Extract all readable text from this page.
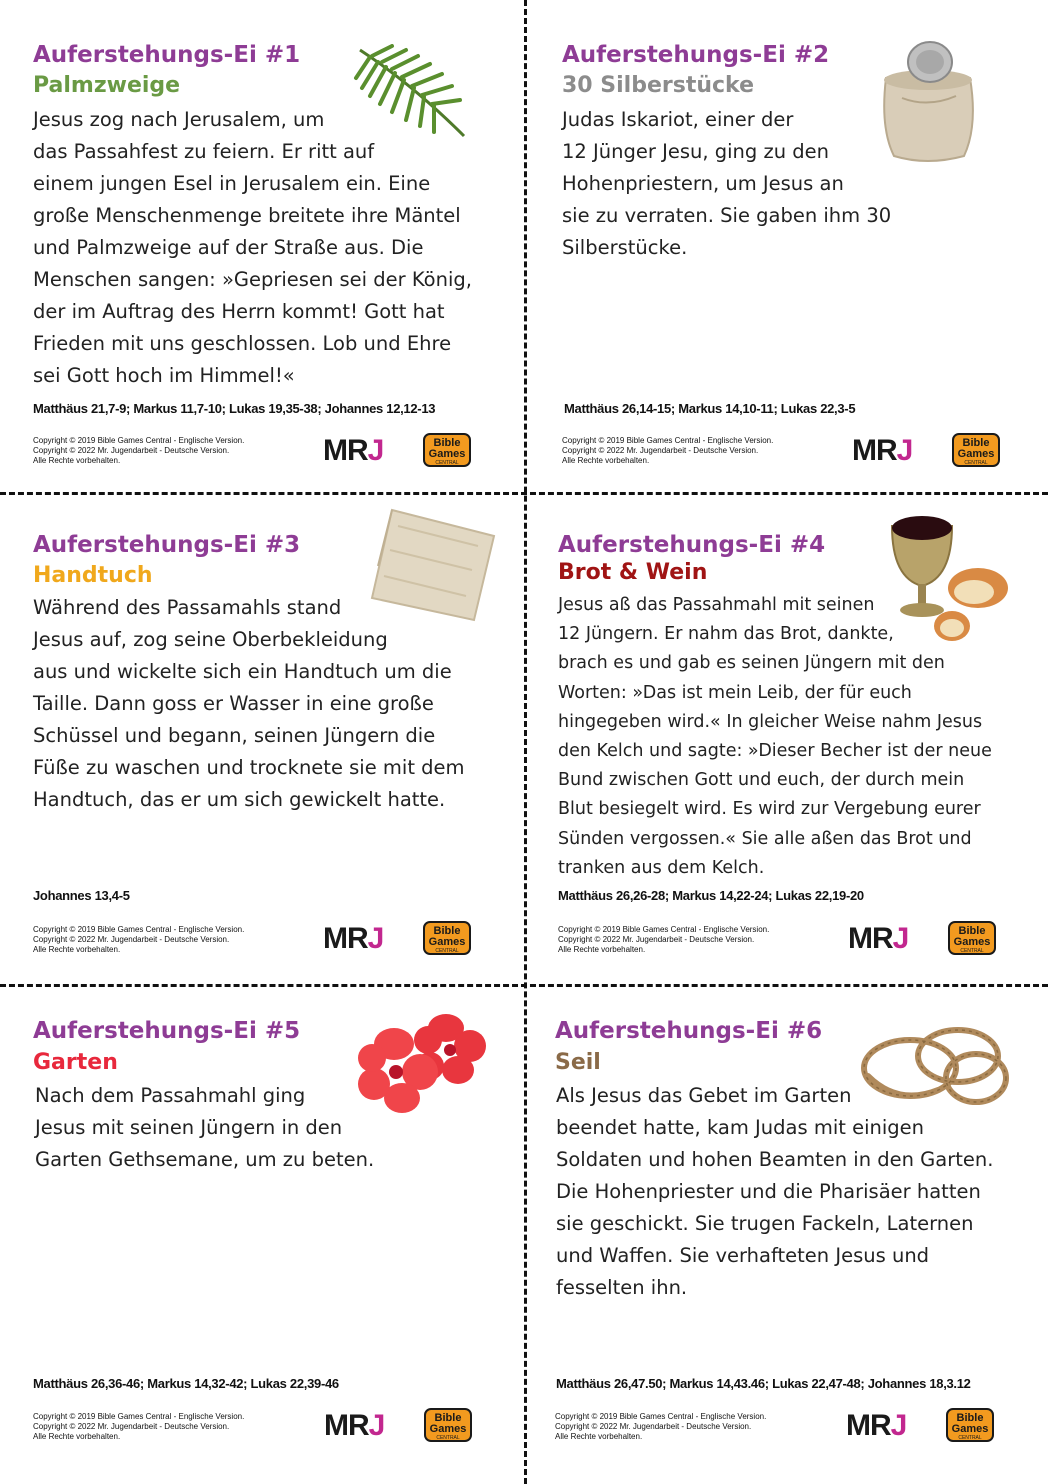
Auferstehungs-Ei #1
Palmzweige
Jesus zog nach Jerusalem, um
das Passahfest zu feiern. Er ritt auf
einem jungen Esel in Jerusalem ein. Eine
große Menschenmenge breitete ihre Mäntel
und Palmzweige auf der Straße aus. Die
Menschen sangen: »Gepriesen sei der König,
der im Auftrag des Herrn kommt! Gott hat
Frieden mit uns geschlossen. Lob und Ehre
sei Gott hoch im Himmel!«
Matthäus 21,7-9; Markus 11,7-10; Lukas 19,35-38; Johannes 12,12-13
Copyright © 2019 Bible Games Central - Englische Version.
Copyright © 2022 Mr. Jugendarbeit - Deutsche Version.
Alle Rechte vorbehalten.	MRJ	Bible
Games
CENTRAL
Auferstehungs-Ei #2
30 Silberstücke
Judas Iskariot, einer der
12 Jünger Jesu, ging zu den
Hohenpriestern, um Jesus an
sie zu verraten. Sie gaben ihm 30
Silberstücke.
Matthäus 26,14-15; Markus 14,10-11; Lukas 22,3-5
Copyright © 2019 Bible Games Central - Englische Version.
Copyright © 2022 Mr. Jugendarbeit - Deutsche Version.
Alle Rechte vorbehalten.	MRJ	Bible
Games
CENTRAL
Auferstehungs-Ei #3
Handtuch
Während des Passamahls stand
Jesus auf, zog seine Oberbekleidung
aus und wickelte sich ein Handtuch um die
Taille. Dann goss er Wasser in eine große
Schüssel und begann, seinen Jüngern die
Füße zu waschen und trocknete sie mit dem
Handtuch, das er um sich gewickelt hatte.
Johannes 13,4-5
Copyright © 2019 Bible Games Central - Englische Version.
Copyright © 2022 Mr. Jugendarbeit - Deutsche Version.
Alle Rechte vorbehalten.	MRJ	Bible
Games
CENTRAL
Auferstehungs-Ei #4
Brot & Wein
Jesus aß das Passahmahl mit seinen
12 Jüngern. Er nahm das Brot, dankte,
brach es und gab es seinen Jüngern mit den
Worten: »Das ist mein Leib, der für euch
hingegeben wird.« In gleicher Weise nahm Jesus
den Kelch und sagte: »Dieser Becher ist der neue
Bund zwischen Gott und euch, der durch mein
Blut besiegelt wird. Es wird zur Vergebung eurer
Sünden vergossen.« Sie alle aßen das Brot und
tranken aus dem Kelch.
Matthäus 26,26-28; Markus 14,22-24; Lukas 22,19-20
Copyright © 2019 Bible Games Central - Englische Version.
Copyright © 2022 Mr. Jugendarbeit - Deutsche Version.
Alle Rechte vorbehalten.	MRJ	Bible
Games
CENTRAL
Auferstehungs-Ei #5
Garten
Nach dem Passahmahl ging
Jesus mit seinen Jüngern in den
Garten Gethsemane, um zu beten.
Matthäus 26,36-46; Markus 14,32-42; Lukas 22,39-46
Copyright © 2019 Bible Games Central - Englische Version.
Copyright © 2022 Mr. Jugendarbeit - Deutsche Version.
Alle Rechte vorbehalten.	MRJ	Bible
Games
CENTRAL
Auferstehungs-Ei #6
Seil
Als Jesus das Gebet im Garten
beendet hatte, kam Judas mit einigen
Soldaten und hohen Beamten in den Garten.
Die Hohenpriester und die Pharisäer hatten
sie geschickt. Sie trugen Fackeln, Laternen
und Waffen. Sie verhafteten Jesus und
fesselten ihn.
Matthäus 26,47.50; Markus 14,43.46; Lukas 22,47-48; Johannes 18,3.12
Copyright © 2019 Bible Games Central - Englische Version.
Copyright © 2022 Mr. Jugendarbeit - Deutsche Version.
Alle Rechte vorbehalten.	MRJ	Bible
Games
CENTRAL
